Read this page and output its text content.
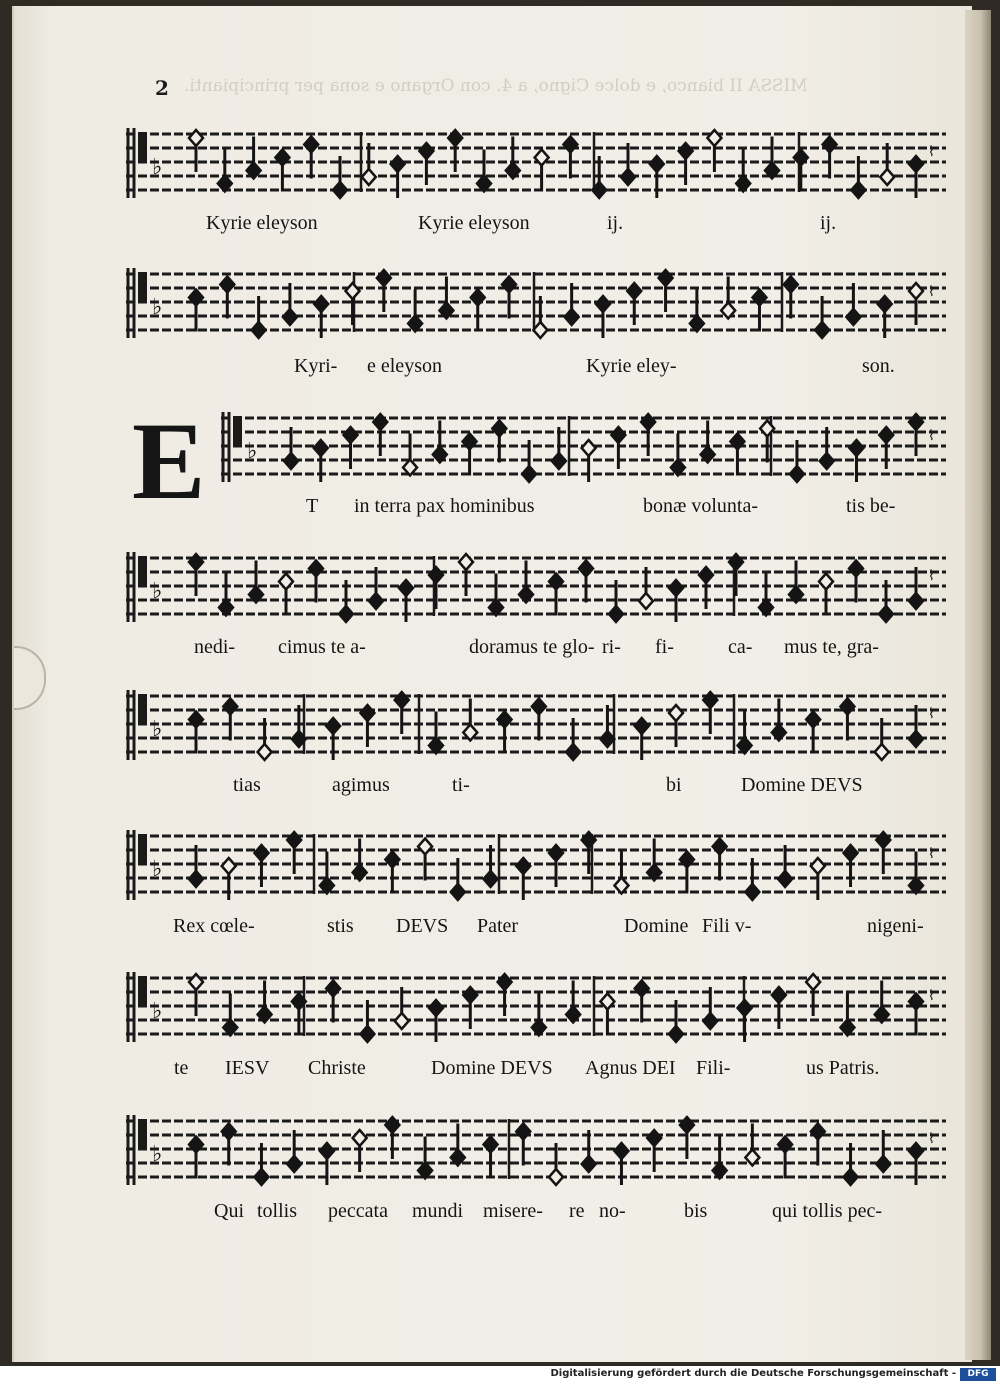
2 MISSA II bianco, e dolce Cigno, a 4. con Organo e sona per principianti.
E
♭
⌇
Kyrie eleyson	Kyrie eleyson	ij.	ij.
♭
⌇
Kyri- e eleyson	Kyrie eley-	son.
♭
⌇
T in terra pax hominibus	bonæ volunta-	tis be-
♭
⌇
nedi- cimus te a-	doramus te glo- ri- fi-	ca- mus te, gra-
♭
⌇
tias	agimus	ti-	bi	Domine DEVS
♭
⌇
Rex cœle-	stis DEVS Pater	Domine Fili v-	nigeni-
♭
⌇
te IESV Christe	Domine DEVS Agnus DEI Fili-	us Patris.
♭
⌇
Qui tollis peccata mundi misere- re no-	bis	qui tollis pec-
Digitalisierung gefördert durch die Deutsche Forschungsgemeinschaft -	DFG
